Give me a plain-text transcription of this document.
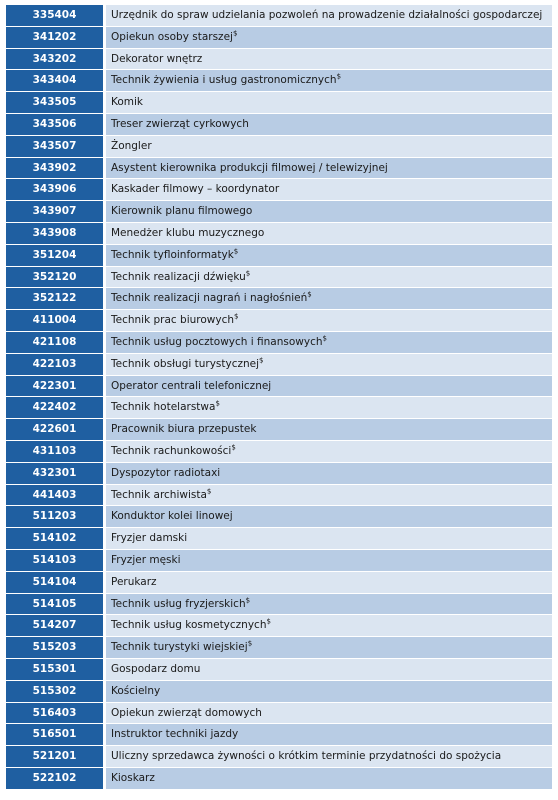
335404	Urzędnik do spraw udzielania pozwoleń na prowadzenie działalności gospodarczej
341202	Opiekun osoby starszej$
343202	Dekorator wnętrz
343404	Technik żywienia i usług gastronomicznych$
343505	Komik
343506	Treser zwierząt cyrkowych
343507	Żongler
343902	Asystent kierownika produkcji filmowej / telewizyjnej
343906	Kaskader filmowy – koordynator
343907	Kierownik planu filmowego
343908	Menedżer klubu muzycznego
351204	Technik tyfloinformatyk$
352120	Technik realizacji dźwięku$
352122	Technik realizacji nagrań i nagłośnień$
411004	Technik prac biurowych$
421108	Technik usług pocztowych i finansowych$
422103	Technik obsługi turystycznej$
422301	Operator centrali telefonicznej
422402	Technik hotelarstwa$
422601	Pracownik biura przepustek
431103	Technik rachunkowości$
432301	Dyspozytor radiotaxi
441403	Technik archiwista$
511203	Konduktor kolei linowej
514102	Fryzjer damski
514103	Fryzjer męski
514104	Perukarz
514105	Technik usług fryzjerskich$
514207	Technik usług kosmetycznych$
515203	Technik turystyki wiejskiej$
515301	Gospodarz domu
515302	Kościelny
516403	Opiekun zwierząt domowych
516501	Instruktor techniki jazdy
521201	Uliczny sprzedawca żywności o krótkim terminie przydatności do spożycia
522102	Kioskarz
